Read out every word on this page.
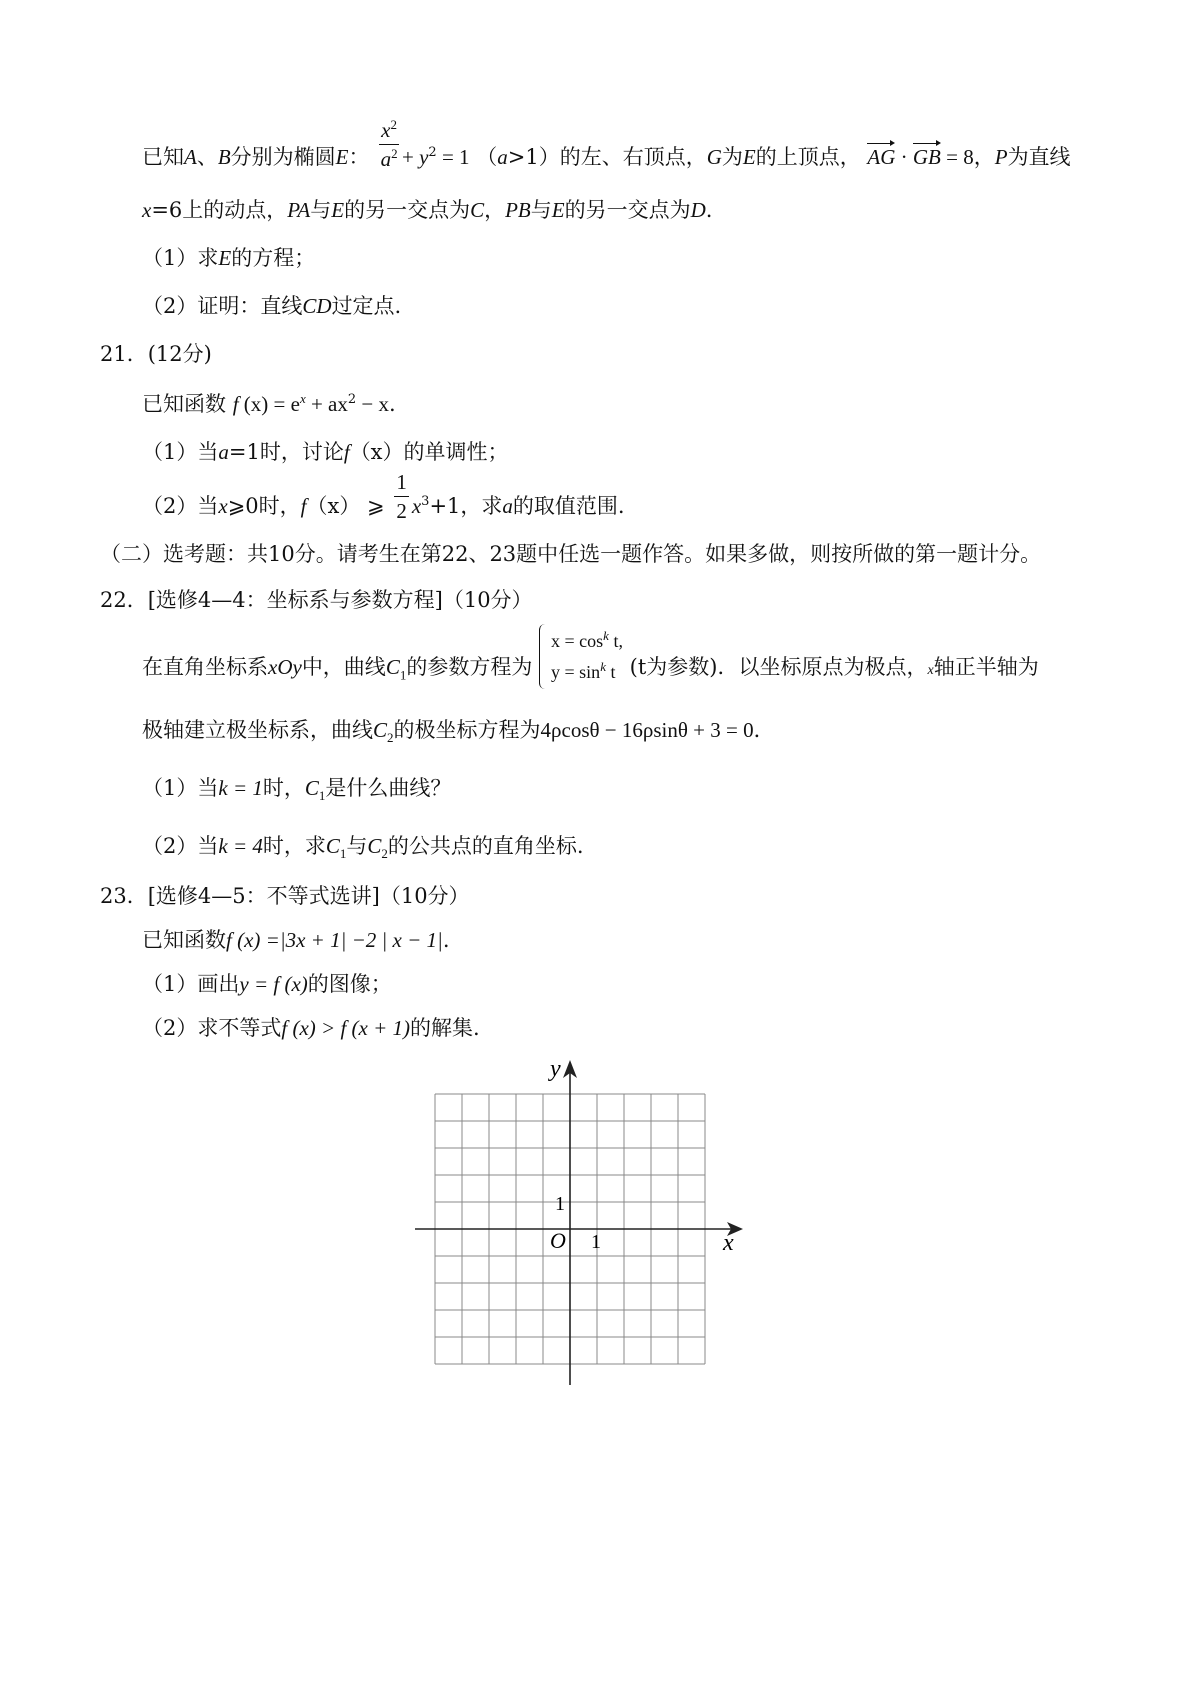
已知A、B分别为椭圆E： $\frac{x^2}{a^2} + y^2 = 1$ （a>1）的左、右顶点，G为E的上顶点， AG · GB = 8，P为直线
x=6上的动点，PA与E的另一交点为C，PB与E的另一交点为D.
（1）求E的方程；
（2）证明：直线CD过定点.
21．(12分)
已知函数 f $(x) = e^x + ax^2 - x$.
（1）当a=1时，讨论f（x）的单调性；
（2）当x⩾0时，f（x） ⩾ $\frac{1}{2} x^3+1$，求a的取值范围.
（二）选考题：共10分。请考生在第22、23题中任选一题作答。如果多做，则按所做的第一题计分。
22．[选修4—4：坐标系与参数方程]（10分）
在直角坐标系xOy中，曲线$C_1$的参数方程为
$x = \cos^k t$,
$y = \sin^k t$ (t为参数)．以坐标原点为极点，x轴正半轴为
极轴建立极坐标系，曲线$C_2$的极坐标方程为4ρcosθ − 16ρsinθ + 3 = 0．
（1）当k = 1时，$C_1$是什么曲线？
（2）当k = 4时，求$C_1$与$C_2$的公共点的直角坐标.
23．[选修4—5：不等式选讲]（10分）
已知函数f (x) =|3x + 1| −2 | x − 1|.
（1）画出y = f (x)的图像；
（2）求不等式f (x) > f (x + 1)的解集.
y
x
O 1
1
